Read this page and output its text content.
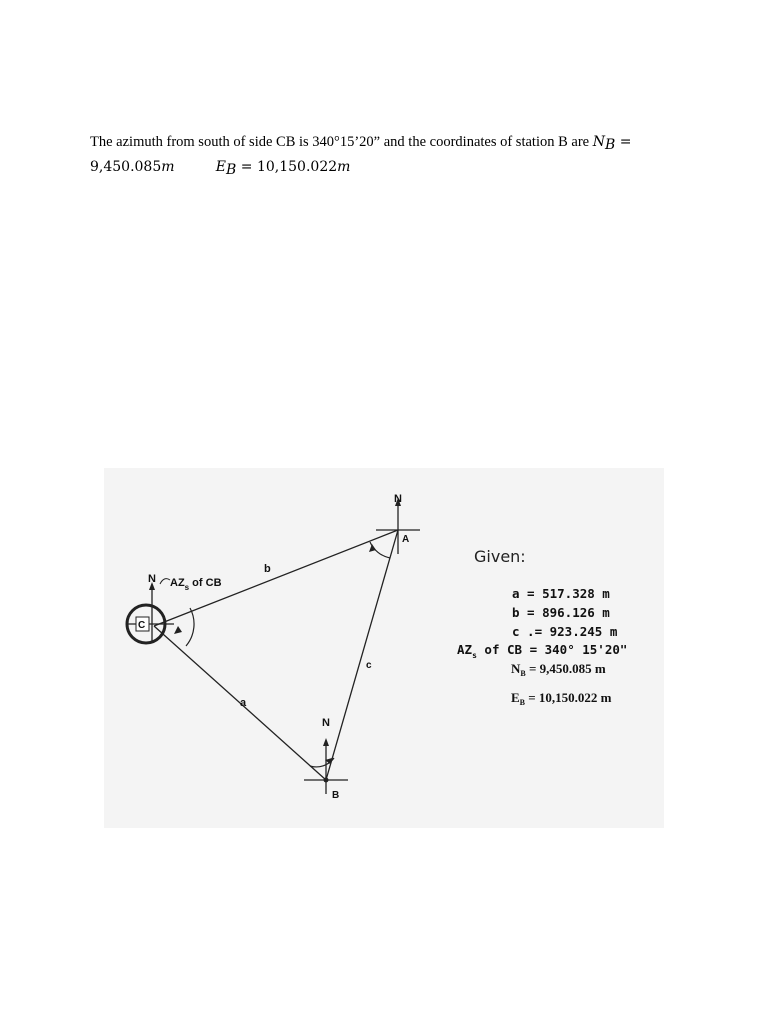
The azimuth from south of side CB is 340°15’20” and the coordinates of station B are $N_B$ =
9,450.085m	$E_B = 10,150.022m$

C
N $AZ_s$ of CB
N
A
N
B
b
a
c
Given:
a = 517.328 m
b = 896.126 m
c .= 923.245 m
$AZ_s$ of CB = 340° 15'20"
$N_B = 9,450.085$ m
$E_B = 10,150.022$ m
